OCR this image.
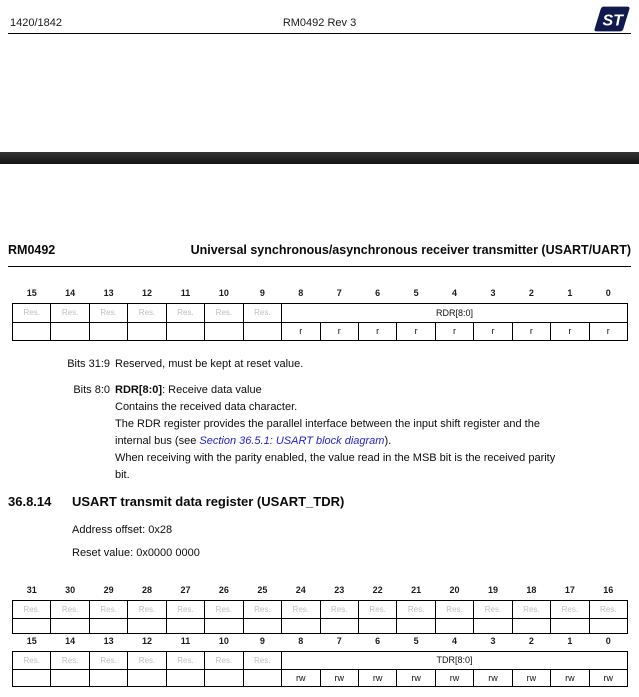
1420/1842	RM0492 Rev 3	ST
RM0492	Universal synchronous/asynchronous receiver transmitter (USART/UART)
15	14	13	12	11	10	9	8	7	6	5	4	3	2	1	0
Res.	Res.	Res.	Res.	Res.	Res.	Res.	RDR[8:0]								
							r	r	r	r	r	r	r	r	r
Bits 31:9 Reserved, must be kept at reset value.
Bits 8:0 RDR[8:0]: Receive data value
Contains the received data character.
The RDR register provides the parallel interface between the input shift register and the
internal bus (see Section 36.5.1: USART block diagram).
When receiving with the parity enabled, the value read in the MSB bit is the received parity
bit.
36.8.14	USART transmit data register (USART_TDR)
Address offset: 0x28
Reset value: 0x0000 0000
31	30	29	28	27	26	25	24	23	22	21	20	19	18	17	16
Res.	Res.	Res.	Res.	Res.	Res.	Res.	Res.	Res.	Res.	Res.	Res.	Res.	Res.	Res.	Res.

15	14	13	12	11	10	9	8	7	6	5	4	3	2	1	0
Res.	Res.	Res.	Res.	Res.	Res.	Res.	TDR[8:0]								
							rw	rw	rw	rw	rw	rw	rw	rw	rw
